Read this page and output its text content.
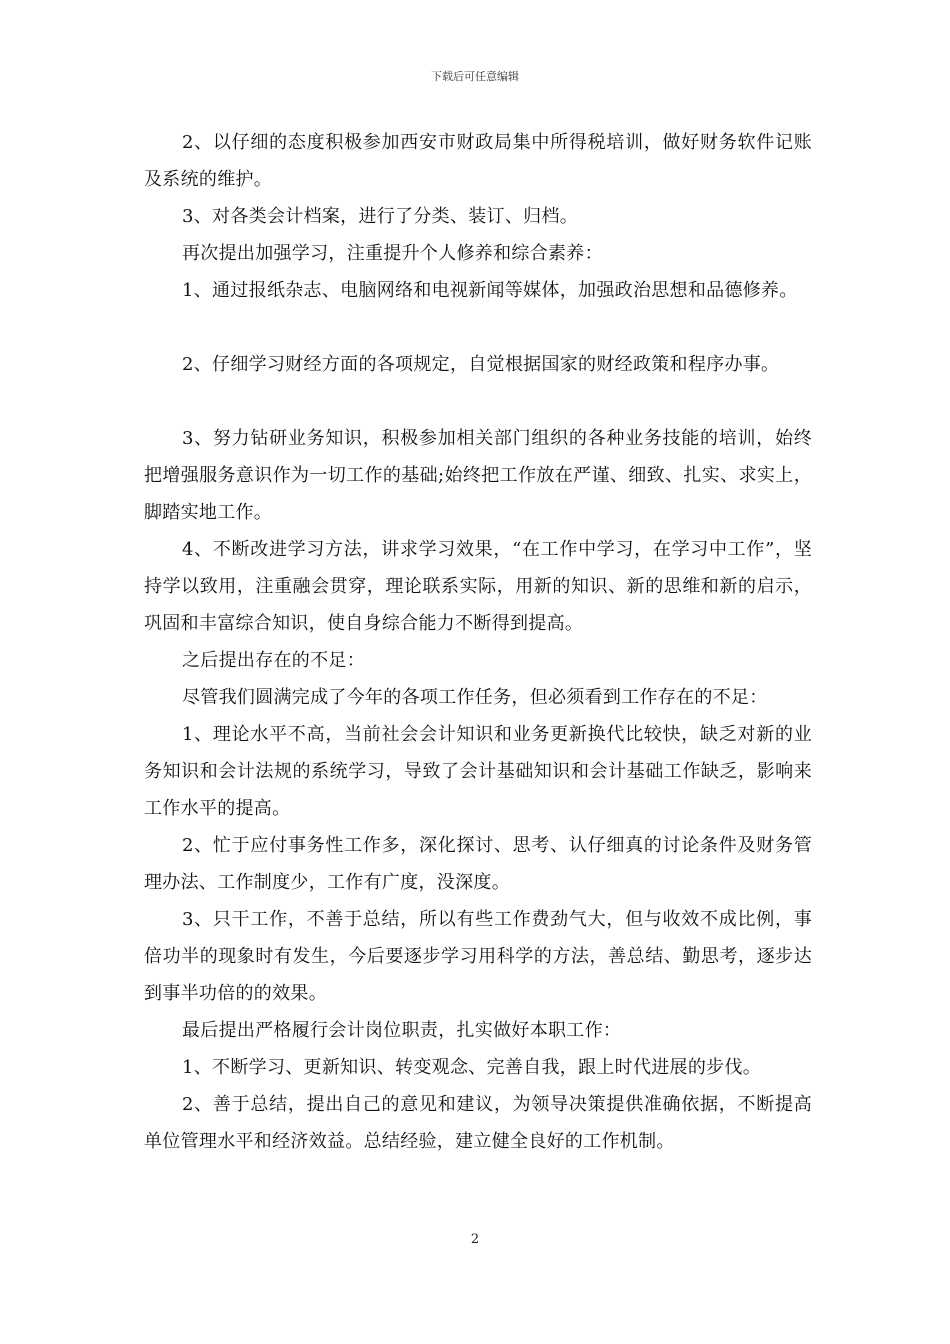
下载后可任意编辑

2、以仔细的态度积极参加西安市财政局集中所得税培训，做好财务软件记账及系统的维护。

3、对各类会计档案，进行了分类、装订、归档。

再次提出加强学习，注重提升个人修养和综合素养：

1、通过报纸杂志、电脑网络和电视新闻等媒体，加强政治思想和品德修养。

2、仔细学习财经方面的各项规定，自觉根据国家的财经政策和程序办事。

3、努力钻研业务知识，积极参加相关部门组织的各种业务技能的培训，始终把增强服务意识作为一切工作的基础;始终把工作放在严谨、细致、扎实、求实上，脚踏实地工作。

4、不断改进学习方法，讲求学习效果，“在工作中学习，在学习中工作”，坚持学以致用，注重融会贯穿，理论联系实际，用新的知识、新的思维和新的启示，巩固和丰富综合知识，使自身综合能力不断得到提高。

之后提出存在的不足：

尽管我们圆满完成了今年的各项工作任务，但必须看到工作存在的不足：

1、理论水平不高，当前社会会计知识和业务更新换代比较快，缺乏对新的业务知识和会计法规的系统学习，导致了会计基础知识和会计基础工作缺乏，影响来工作水平的提高。

2、忙于应付事务性工作多，深化探讨、思考、认仔细真的讨论条件及财务管理办法、工作制度少，工作有广度，没深度。

3、只干工作，不善于总结，所以有些工作费劲气大，但与收效不成比例，事倍功半的现象时有发生，今后要逐步学习用科学的方法，善总结、勤思考，逐步达到事半功倍的的效果。

最后提出严格履行会计岗位职责，扎实做好本职工作：

1、不断学习、更新知识、转变观念、完善自我，跟上时代进展的步伐。

2、善于总结，提出自己的意见和建议，为领导决策提供准确依据，不断提高单位管理水平和经济效益。总结经验，建立健全良好的工作机制。

2
